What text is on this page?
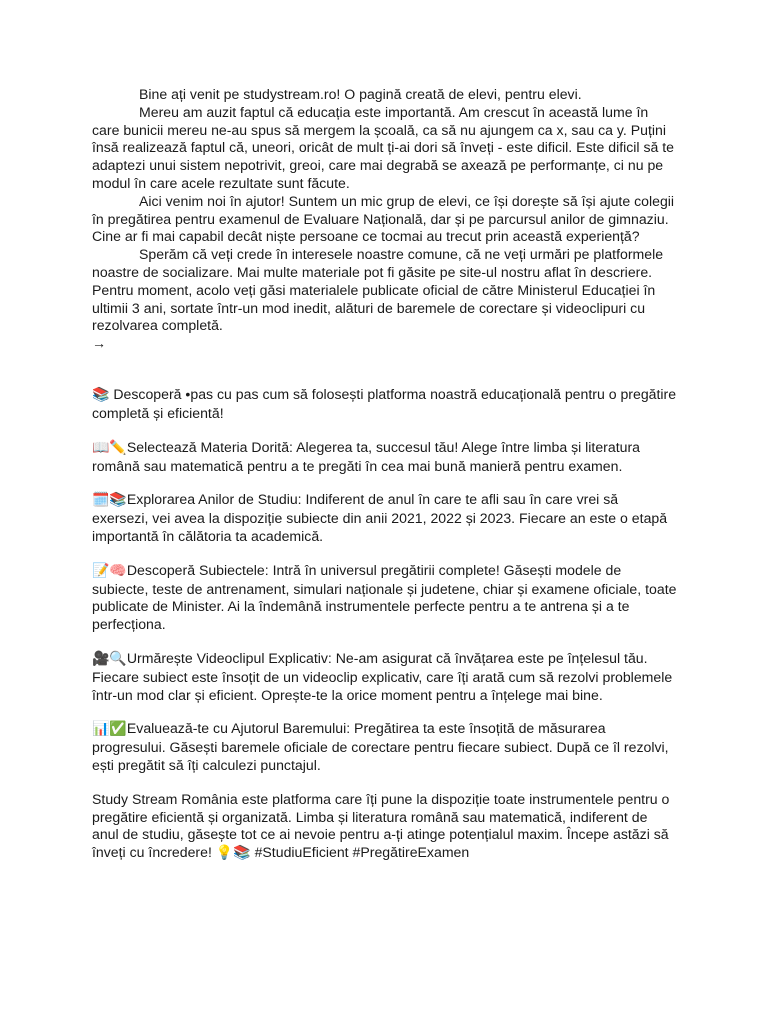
Bine ați venit pe studystream.ro! O pagină creată de elevi, pentru elevi.

Mereu am auzit faptul că educația este importantă. Am crescut în această lume în care bunicii mereu ne-au spus să mergem la școală, ca să nu ajungem ca x, sau ca y. Puțini însă realizează faptul că, uneori, oricât de mult ți-ai dori să înveți - este dificil. Este dificil să te adaptezi unui sistem nepotrivit, greoi, care mai degrabă se axează pe performanțe, ci nu pe modul în care acele rezultate sunt făcute.

Aici venim noi în ajutor! Suntem un mic grup de elevi, ce își dorește să își ajute colegii în pregătirea pentru examenul de Evaluare Națională, dar și pe parcursul anilor de gimnaziu. Cine ar fi mai capabil decât niște persoane ce tocmai au trecut prin această experiență?

Sperăm că veți crede în interesele noastre comune, că ne veți urmări pe platformele noastre de socializare. Mai multe materiale pot fi găsite pe site-ul nostru aflat în descriere. Pentru moment, acolo veți găsi materialele publicate oficial de către Ministerul Educației în ultimii 3 ani, sortate într-un mod inedit, alături de baremele de corectare și videoclipuri cu rezolvarea completă.

→

📚 Descoperă •pas cu pas cum să folosești platforma noastră educațională pentru o pregătire completă și eficientă!

📖✏️Selectează Materia Dorită: Alegerea ta, succesul tău! Alege între limba și literatura română sau matematică pentru a te pregăti în cea mai bună manieră pentru examen.

🗓️📚Explorarea Anilor de Studiu: Indiferent de anul în care te afli sau în care vrei să exersezi, vei avea la dispoziție subiecte din anii 2021, 2022 și 2023. Fiecare an este o etapă importantă în călătoria ta academică.

📝🧠Descoperă Subiectele: Intră în universul pregătirii complete! Găsești modele de subiecte, teste de antrenament, simulari naționale și judetene, chiar și examene oficiale, toate publicate de Minister. Ai la îndemână instrumentele perfecte pentru a te antrena și a te perfecționa.

🎥🔍Urmărește Videoclipul Explicativ: Ne-am asigurat că învățarea este pe înțelesul tău. Fiecare subiect este însoțit de un videoclip explicativ, care îți arată cum să rezolvi problemele într-un mod clar și eficient. Oprește-te la orice moment pentru a înțelege mai bine.

📊✅Evaluează-te cu Ajutorul Baremului: Pregătirea ta este însoțită de măsurarea progresului. Găsești baremele oficiale de corectare pentru fiecare subiect. După ce îl rezolvi, ești pregătit să îți calculezi punctajul.

Study Stream România este platforma care îți pune la dispoziție toate instrumentele pentru o pregătire eficientă și organizată. Limba și literatura română sau matematică, indiferent de anul de studiu, găsește tot ce ai nevoie pentru a-ți atinge potențialul maxim. Începe astăzi să înveți cu încredere! 💡📚 #StudiuEficient #PregătireExamen
